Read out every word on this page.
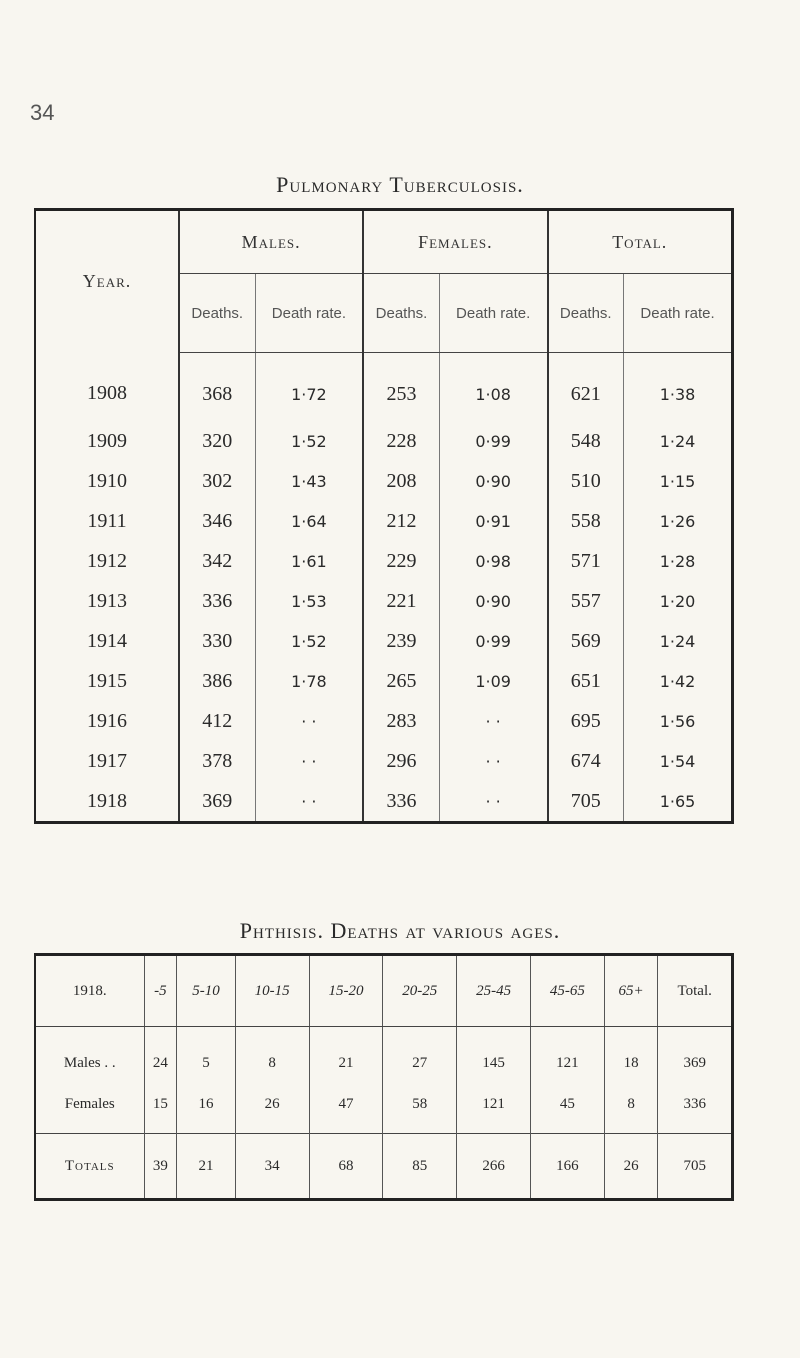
34
Pulmonary Tuberculosis.
Year.	Males.		Females.		Total.	
	Deaths.	Death rate.	Deaths.	Death rate.	Deaths.	Death rate.
1908	368	1·72	253	1·08	621	1·38
1909	320	1·52	228	0·99	548	1·24
1910	302	1·43	208	0·90	510	1·15
1911	346	1·64	212	0·91	558	1·26
1912	342	1·61	229	0·98	571	1·28
1913	336	1·53	221	0·90	557	1·20
1914	330	1·52	239	0·99	569	1·24
1915	386	1·78	265	1·09	651	1·42
1916	412	· ·	283	· ·	695	1·56
1917	378	· ·	296	· ·	674	1·54
1918	369	· ·	336	· ·	705	1·65
Phthisis. Deaths at various ages.
1918.	-5	5-10	10-15	15-20	20-25	25-45	45-65	65+	Total.
Males . .	24	5	8	21	27	145	121	18	369
Females	15	16	26	47	58	121	45	8	336
Totals	39	21	34	68	85	266	166	26	705
